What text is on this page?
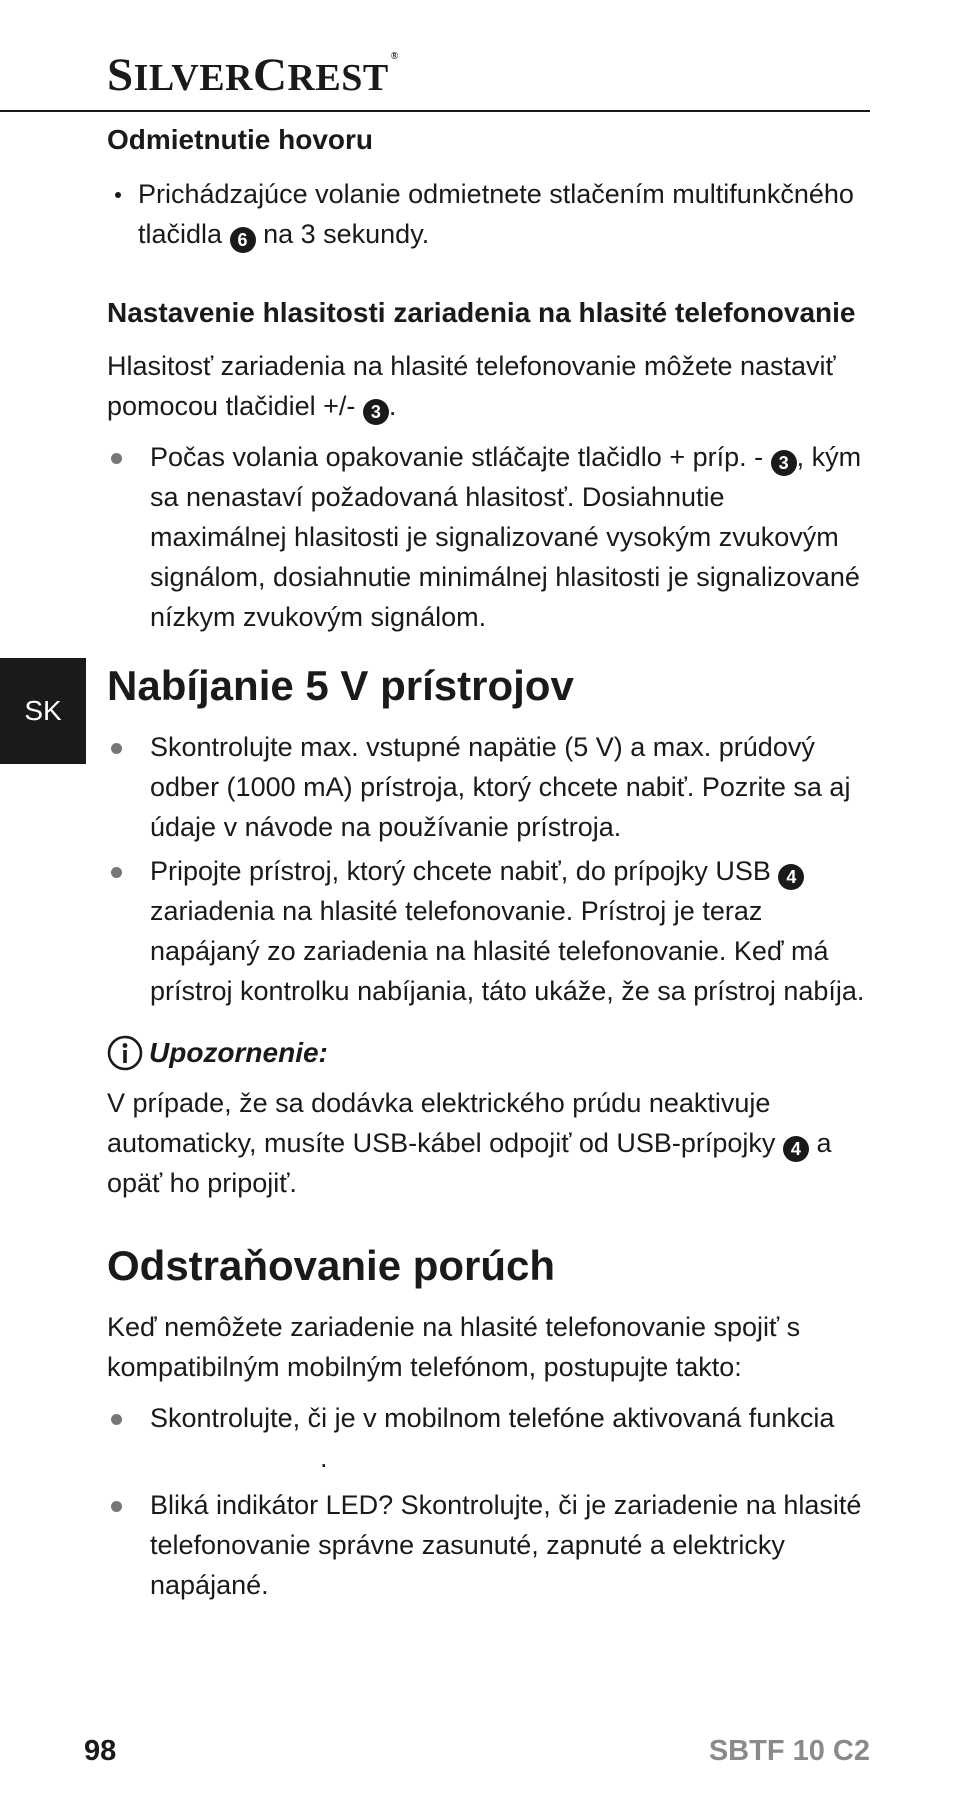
SILVERCREST®
SK

Odmietnutie hovoru

Prichádzajúce volanie odmietnete stlačením multifunkčného tlačidla 6 na 3 sekundy.

Nastavenie hlasitosti zariadenia na hlasité telefonovanie

Hlasitosť zariadenia na hlasité telefonovanie môžete nastaviť pomocou tlačidiel +/- 3 .

Počas volania opakovanie stláčajte tlačidlo + príp. - 3 , kým sa nenastaví požadovaná hlasitosť. Dosiahnutie maximálnej hlasitosti je signalizované vysokým zvukovým signálom, dosiahnutie minimálnej hlasitosti je signalizované nízkym zvukovým signálom.

Nabíjanie 5 V prístrojov

Skontrolujte max. vstupné napätie (5 V) a max. prúdový odber (1000 mA) prístroja, ktorý chcete nabiť. Pozrite sa aj údaje v návode na používanie prístroja.
Pripojte prístroj, ktorý chcete nabiť, do prípojky USB 4 zariadenia na hlasité telefonovanie. Prístroj je teraz napájaný zo zariadenia na hlasité telefonovanie. Keď má prístroj kontrolku nabíjania, táto ukáže, že sa prístroj nabíja.
Upozornenie:

V prípade, že sa dodávka elektrického prúdu neaktivuje automaticky, musíte USB-kábel odpojiť od USB-prípojky 4 a opäť ho pripojiť.

Odstraňovanie porúch

Keď nemôžete zariadenie na hlasité telefonovanie spojiť s kompatibilným mobilným telefónom, postupujte takto:

Skontrolujte, či je v mobilnom telefóne aktivovaná funkcia.
Bliká indikátor LED? Skontrolujte, či je zariadenie na hlasité telefonovanie správne zasunuté, zapnuté a elektricky napájané.
98	SBTF 10 C2
